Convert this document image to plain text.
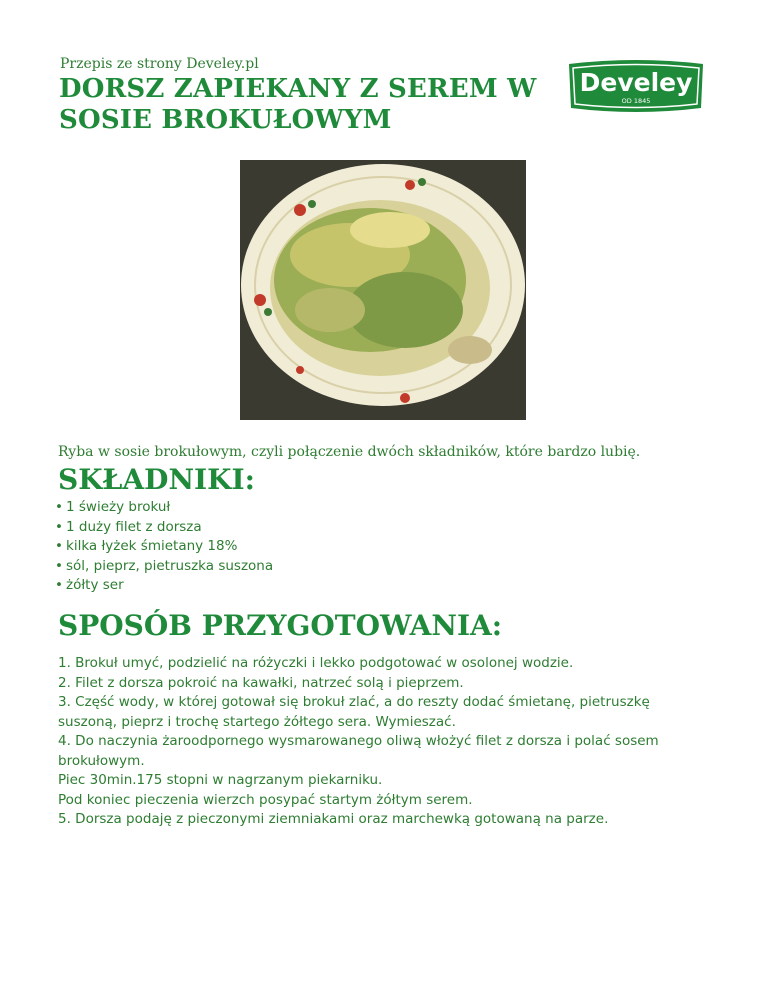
Przepis ze strony Develey.pl
DORSZ ZAPIEKANY Z SEREM W SOSIE BROKUŁOWYM
Develey
OD 1845
Ryba w sosie brokułowym, czyli połączenie dwóch składników, które bardzo lubię.
SKŁADNIKI:
• 1 świeży brokuł
• 1 duży filet z dorsza
• kilka łyżek śmietany 18%
• sól, pieprz, pietruszka suszona
• żółty ser
SPOSÓB PRZYGOTOWANIA:
1. Brokuł umyć, podzielić na różyczki i lekko podgotować w osolonej wodzie.
2. Filet z dorsza pokroić na kawałki, natrzeć solą i pieprzem.
3. Część wody, w której gotował się brokuł zlać, a do reszty dodać śmietanę, pietruszkę suszoną, pieprz i trochę startego żółtego sera. Wymieszać.
4. Do naczynia żaroodpornego wysmarowanego oliwą włożyć filet z dorsza i polać sosem brokułowym.
Piec 30min.175 stopni w nagrzanym piekarniku.
Pod koniec pieczenia wierzch posypać startym żółtym serem.
5. Dorsza podaję z pieczonymi ziemniakami oraz marchewką gotowaną na parze.
